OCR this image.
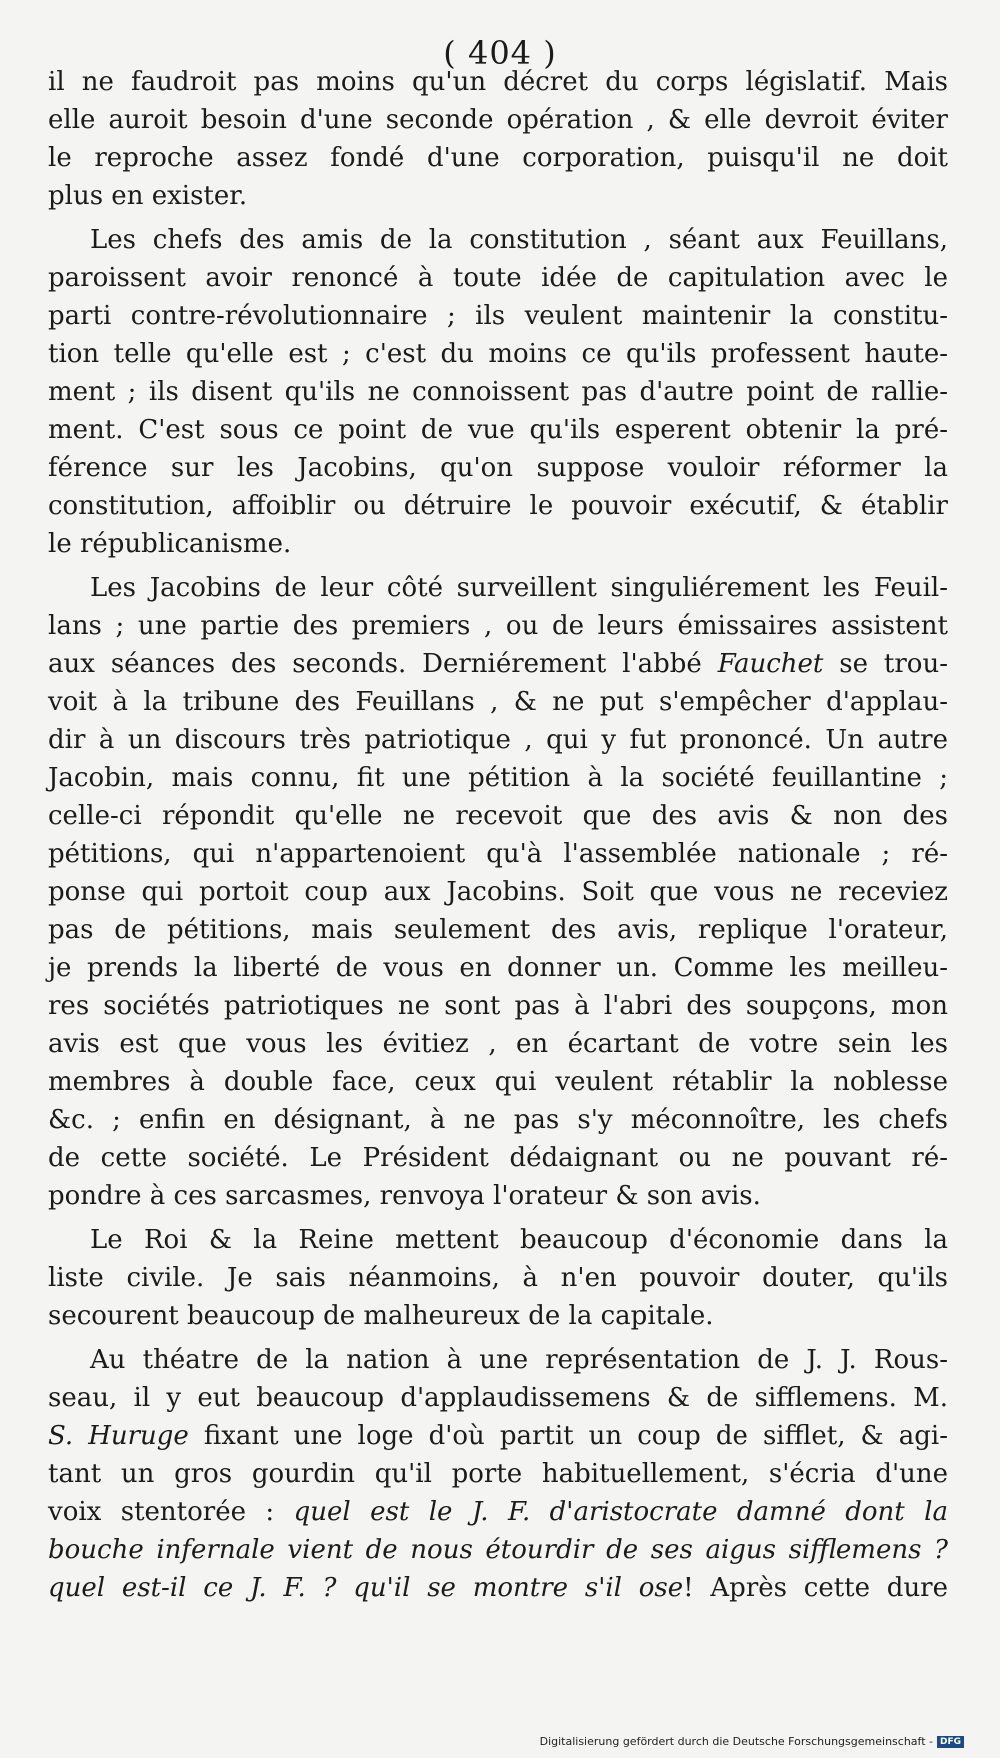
( 404 )
il ne faudroit pas moins qu'un décret du corps législatif. Mais
elle auroit besoin d'une seconde opération , & elle devroit éviter
le reproche assez fondé d'une corporation, puisqu'il ne doit
plus en exister.
Les chefs des amis de la constitution , séant aux Feuillans,
paroissent avoir renoncé à toute idée de capitulation avec le
parti contre-révolutionnaire ; ils veulent maintenir la constitu-
tion telle qu'elle est ; c'est du moins ce qu'ils professent haute-
ment ; ils disent qu'ils ne connoissent pas d'autre point de rallie-
ment. C'est sous ce point de vue qu'ils esperent obtenir la pré-
férence sur les Jacobins, qu'on suppose vouloir réformer la
constitution, affoiblir ou détruire le pouvoir exécutif, & établir
le républicanisme.
Les Jacobins de leur côté surveillent singuliérement les Feuil-
lans ; une partie des premiers , ou de leurs émissaires assistent
aux séances des seconds. Derniérement l'abbé Fauchet se trou-
voit à la tribune des Feuillans , & ne put s'empêcher d'applau-
dir à un discours très patriotique , qui y fut prononcé. Un autre
Jacobin, mais connu, fit une pétition à la société feuillantine ;
celle-ci répondit qu'elle ne recevoit que des avis & non des
pétitions, qui n'appartenoient qu'à l'assemblée nationale ; ré-
ponse qui portoit coup aux Jacobins. Soit que vous ne receviez
pas de pétitions, mais seulement des avis, replique l'orateur,
je prends la liberté de vous en donner un. Comme les meilleu-
res sociétés patriotiques ne sont pas à l'abri des soupçons, mon
avis est que vous les évitiez , en écartant de votre sein les
membres à double face, ceux qui veulent rétablir la noblesse
&c. ; enfin en désignant, à ne pas s'y méconnoître, les chefs
de cette société. Le Président dédaignant ou ne pouvant ré-
pondre à ces sarcasmes, renvoya l'orateur & son avis.
Le Roi & la Reine mettent beaucoup d'économie dans la
liste civile. Je sais néanmoins, à n'en pouvoir douter, qu'ils
secourent beaucoup de malheureux de la capitale.
Au théatre de la nation à une représentation de J. J. Rous-
seau, il y eut beaucoup d'applaudissemens & de sifflemens. M.
S. Huruge fixant une loge d'où partit un coup de sifflet, & agi-
tant un gros gourdin qu'il porte habituellement, s'écria d'une
voix stentorée : quel est le J. F. d'aristocrate damné dont la
bouche infernale vient de nous étourdir de ses aigus sifflemens ?
quel est-il ce J. F. ? qu'il se montre s'il ose! Après cette dure
Digitalisierung gefördert durch die Deutsche Forschungsgemeinschaft - DFG
